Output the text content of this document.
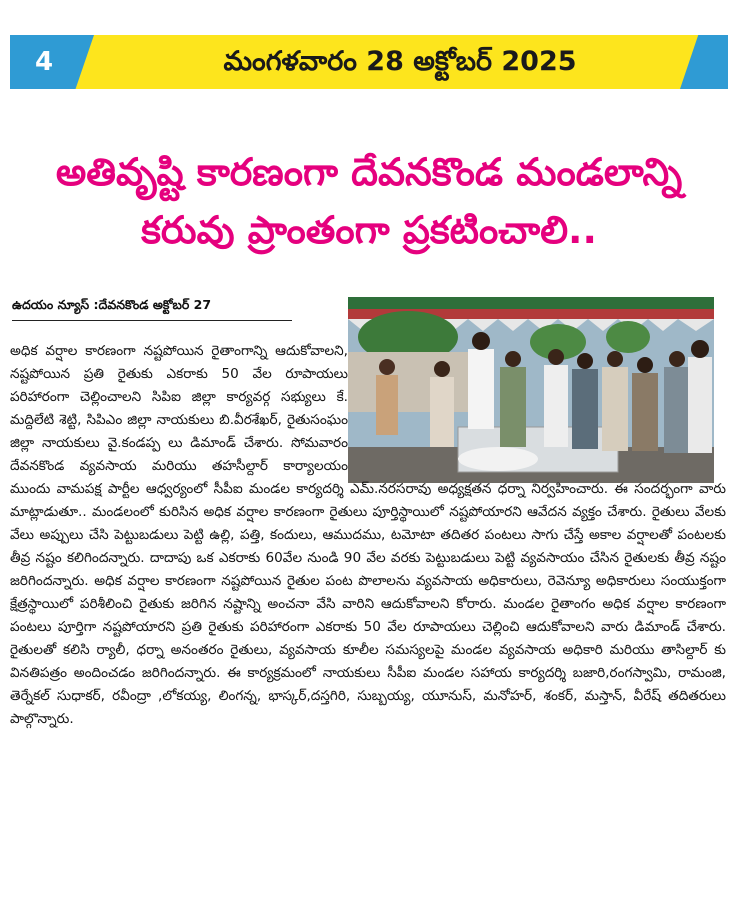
4	మంగళవారం 28 అక్టోబర్ 2025
అతివృష్టి కారణంగా దేవనకొండ మండలాన్ని
కరువు ప్రాంతంగా ప్రకటించాలి..
ఉదయం న్యూస్ :దేవనకొండ అక్టోబర్ 27
అధిక వర్షాల కారణంగా నష్టపోయిన రైతాంగాన్ని ఆదుకోవాలని, నష్టపోయిన ప్రతి రైతుకు ఎకరాకు 50 వేల రూపాయలు పరిహారంగా చెల్లించాలని సిపిఐ జిల్లా కార్యవర్గ సభ్యులు కే. మద్దిలేటి శెట్టి, సిపిఎం జిల్లా నాయకులు బి.వీరశేఖర్, రైతుసంఘం జిల్లా నాయకులు వై.కండప్ప లు డిమాండ్ చేశారు. సోమవారం దేవనకొండ వ్యవసాయ మరియు తహసీల్దార్ కార్యాలయం ముందు వామపక్ష పార్టీల ఆధ్వర్యంలో సీపీఐ మండల కార్యదర్శి ఎమ్.నరసరావు అధ్యక్షతన ధర్నా నిర్వహించారు. ఈ సందర్భంగా వారు మాట్లాడుతూ.. మండలంలో కురిసిన అధిక వర్షాల కారణంగా రైతులు పూర్తిస్థాయిలో నష్టపోయారని ఆవేదన వ్యక్తం చేశారు. రైతులు వేలకు వేలు అప్పులు చేసి పెట్టుబడులు పెట్టి ఉల్లి, పత్తి, కందులు, ఆముదము, టమోటా తదితర పంటలు సాగు చేస్తే అకాల వర్షాలతో పంటలకు తీవ్ర నష్టం కలిగిందన్నారు. దాదాపు ఒక ఎకరాకు 60వేల నుండి 90 వేల వరకు పెట్టుబడులు పెట్టి వ్యవసాయం చేసిన రైతులకు తీవ్ర నష్టం జరిగిందన్నారు. అధిక వర్షాల కారణంగా నష్టపోయిన రైతుల పంట పొలాలను వ్యవసాయ అధికారులు, రెవెన్యూ అధికారులు సంయుక్తంగా క్షేత్రస్థాయిలో పరిశీలించి రైతుకు జరిగిన నష్టాన్ని అంచనా వేసి వారిని ఆదుకోవాలని కోరారు. మండల రైతాంగం అధిక వర్షాల కారణంగా పంటలు పూర్తిగా నష్టపోయారని ప్రతి రైతుకు పరిహారంగా ఎకరాకు 50 వేల రూపాయలు చెల్లించి ఆదుకోవాలని వారు డిమాండ్ చేశారు. రైతులతో కలిసి ర్యాలీ, ధర్నా అనంతరం రైతులు, వ్యవసాయ కూలీల సమస్యలపై మండల వ్యవసాయ అధికారి మరియు తాసిల్దార్ కు వినతిపత్రం అందించడం జరిగిందన్నారు. ఈ కార్యక్రమంలో నాయకులు సీపీఐ మండల సహాయ కార్యదర్శి బజారి,రంగస్వామి, రామంజి, తెర్నేకల్ సుధాకర్, రవీంద్రా ,లోకయ్య, లింగన్న, భాస్కర్,దస్తగిరి, సుబ్బయ్య, యూనుస్, మనోహర్, శంకర్, మస్తాన్, వీరేష్ తదితరులు పాల్గొన్నారు.
